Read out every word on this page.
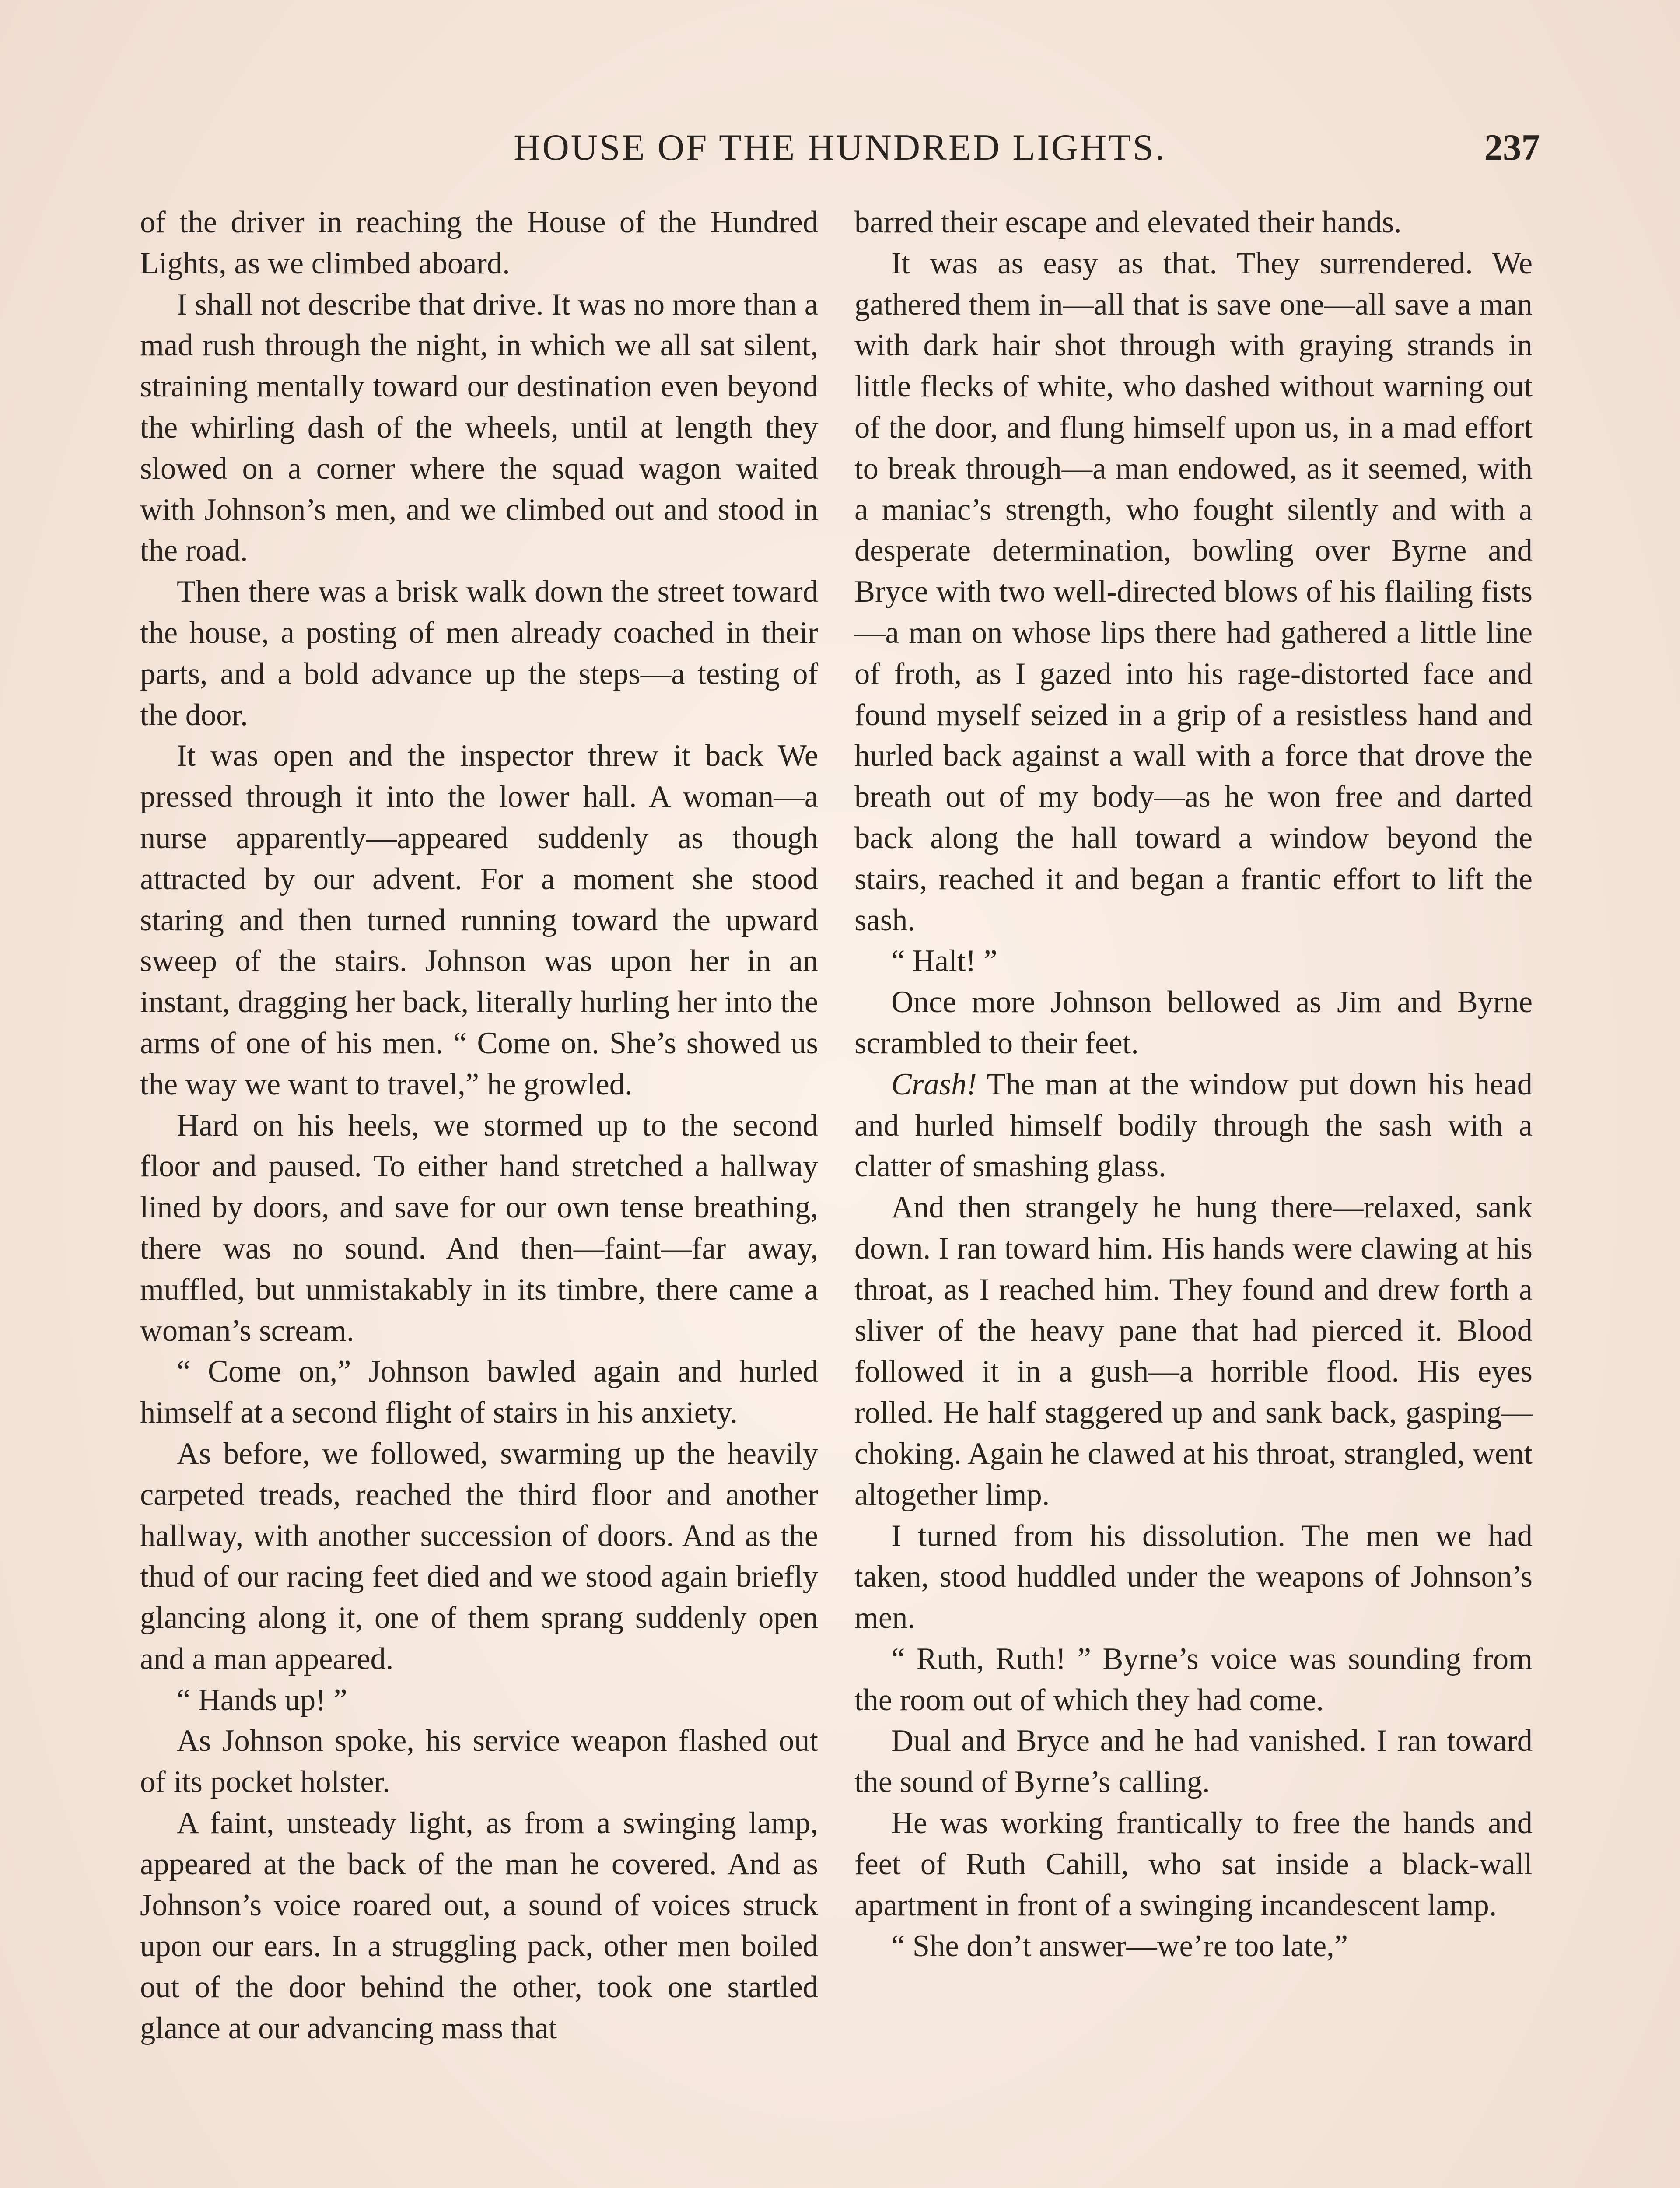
HOUSE OF THE HUNDRED LIGHTS.	237

of the driver in reaching the House of the Hundred Lights, as we climbed aboard.

I shall not describe that drive. It was no more than a mad rush through the night, in which we all sat silent, straining mentally toward our destination even beyond the whirling dash of the wheels, until at length they slowed on a corner where the squad wagon waited with Johnson’s men, and we climbed out and stood in the road.

Then there was a brisk walk down the street toward the house, a posting of men already coached in their parts, and a bold advance up the steps—a testing of the door.

It was open and the inspector threw it back We pressed through it into the lower hall. A woman—a nurse apparently—appeared suddenly as though attracted by our advent. For a moment she stood staring and then turned running toward the upward sweep of the stairs. Johnson was upon her in an instant, dragging her back, literally hurling her into the arms of one of his men. “ Come on. She’s showed us the way we want to travel,” he growled.

Hard on his heels, we stormed up to the second floor and paused. To either hand stretched a hallway lined by doors, and save for our own tense breathing, there was no sound. And then—faint—far away, muffled, but unmistakably in its timbre, there came a woman’s scream.

“ Come on,” Johnson bawled again and hurled himself at a second flight of stairs in his anxiety.

As before, we followed, swarming up the heavily carpeted treads, reached the third floor and another hallway, with another succession of doors. And as the thud of our racing feet died and we stood again briefly glancing along it, one of them sprang suddenly open and a man appeared.

“ Hands up! ”

As Johnson spoke, his service weapon flashed out of its pocket holster.

A faint, unsteady light, as from a swinging lamp, appeared at the back of the man he covered. And as Johnson’s voice roared out, a sound of voices struck upon our ears. In a struggling pack, other men boiled out of the door behind the other, took one startled glance at our advancing mass that

barred their escape and elevated their hands.

It was as easy as that. They surrendered. We gathered them in—all that is save one—all save a man with dark hair shot through with graying strands in little flecks of white, who dashed without warning out of the door, and flung himself upon us, in a mad effort to break through—a man endowed, as it seemed, with a maniac’s strength, who fought silently and with a desperate determination, bowling over Byrne and Bryce with two well-directed blows of his flailing fists—a man on whose lips there had gathered a little line of froth, as I gazed into his rage-distorted face and found myself seized in a grip of a resistless hand and hurled back against a wall with a force that drove the breath out of my body—as he won free and darted back along the hall toward a window beyond the stairs, reached it and began a frantic effort to lift the sash.

“ Halt! ”

Once more Johnson bellowed as Jim and Byrne scrambled to their feet.

Crash! The man at the window put down his head and hurled himself bodily through the sash with a clatter of smashing glass.

And then strangely he hung there—relaxed, sank down. I ran toward him. His hands were clawing at his throat, as I reached him. They found and drew forth a sliver of the heavy pane that had pierced it. Blood followed it in a gush—a horrible flood. His eyes rolled. He half staggered up and sank back, gasping—choking. Again he clawed at his throat, strangled, went altogether limp.

I turned from his dissolution. The men we had taken, stood huddled under the weapons of Johnson’s men.

“ Ruth, Ruth! ” Byrne’s voice was sounding from the room out of which they had come.

Dual and Bryce and he had vanished. I ran toward the sound of Byrne’s calling.

He was working frantically to free the hands and feet of Ruth Cahill, who sat inside a black-wall apartment in front of a swinging incandescent lamp.

“ She don’t answer—we’re too late,”
